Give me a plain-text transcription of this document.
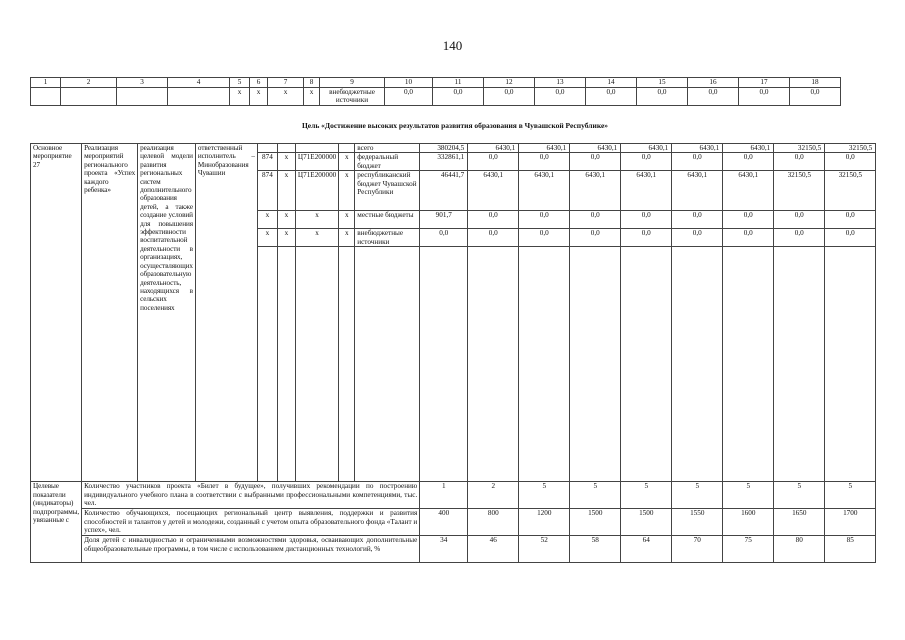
140
1	2	3	4	5	6	7	8	9	10	11	12	13	14	15	16	17	18
				x	x	x	x	внебюджетные источники	0,0	0,0	0,0	0,0	0,0	0,0	0,0	0,0	0,0
Цель «Достижение высоких результатов развития образования в Чувашской Республике»
Основное мероприятие 27	Реализация мероприятий регионального проекта «Успех каждого ребенка»	реализация целевой модели развития региональных систем дополнительного образования детей, а также создание условий для повышения эффективности воспитательной деятельности в организациях, осуществляющих образовательную деятельность, находящихся в сельских поселениях	ответственный исполнитель – Минобразования Чувашии					всего	380204,5	6430,1	6430,1	6430,1	6430,1	6430,1	6430,1	32150,5	32150,5
				874	x	Ц71Е200000	x	федеральный бюджет	332861,1	0,0	0,0	0,0	0,0	0,0	0,0	0,0	0,0
				874	x	Ц71Е200000	x	республиканский бюджет Чувашской Республики	46441,7	6430,1	6430,1	6430,1	6430,1	6430,1	6430,1	32150,5	32150,5
				x	x	x	x	местные бюджеты	901,7	0,0	0,0	0,0	0,0	0,0	0,0	0,0	0,0
				x	x	x	x	внебюджетные источники	0,0	0,0	0,0	0,0	0,0	0,0	0,0	0,0	0,0

Целевые показатели (индикаторы) подпрограммы, увязанные с	Количество участников проекта «Билет в будущее», получивших рекомендации по построению индивидуального учебного плана в соответствии с выбранными профессиональными компетенциями, тыс. чел.								1	2	5	5	5	5	5	5	5
	Количество обучающихся, посещающих региональный центр выявления, поддержки и развития способностей и талантов у детей и молодежи, созданный с учетом опыта образовательного фонда «Талант и успех», чел.								400	800	1200	1500	1500	1550	1600	1650	1700
	Доля детей с инвалидностью и ограниченными возможностями здоровья, осваивающих дополнительные общеобразовательные программы, в том числе с использованием дистанционных технологий, %								34	46	52	58	64	70	75	80	85
